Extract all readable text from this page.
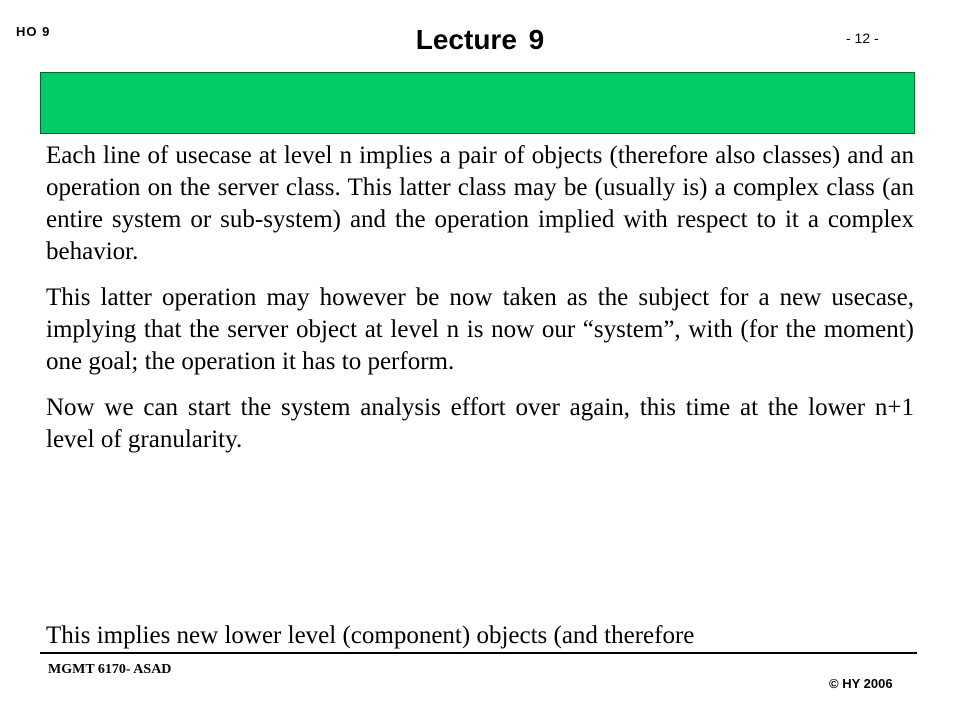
HO 9	Lecture 9	- 12 -

Each line of usecase at level n implies a pair of objects (therefore also classes) and an operation on the server class. This latter class may be (usually is) a complex class (an entire system or sub-system) and the operation implied with respect to it a complex behavior.

This latter operation may however be now taken as the subject for a new usecase, implying that the server object at level n is now our “system”, with (for the moment) one goal; the operation it has to perform.

Now we can start the system analysis effort over again, this time at the lower n+1 level of granularity.

This implies new lower level (component) objects (and therefore
MGMT 6170- ASAD
© HY 2006
